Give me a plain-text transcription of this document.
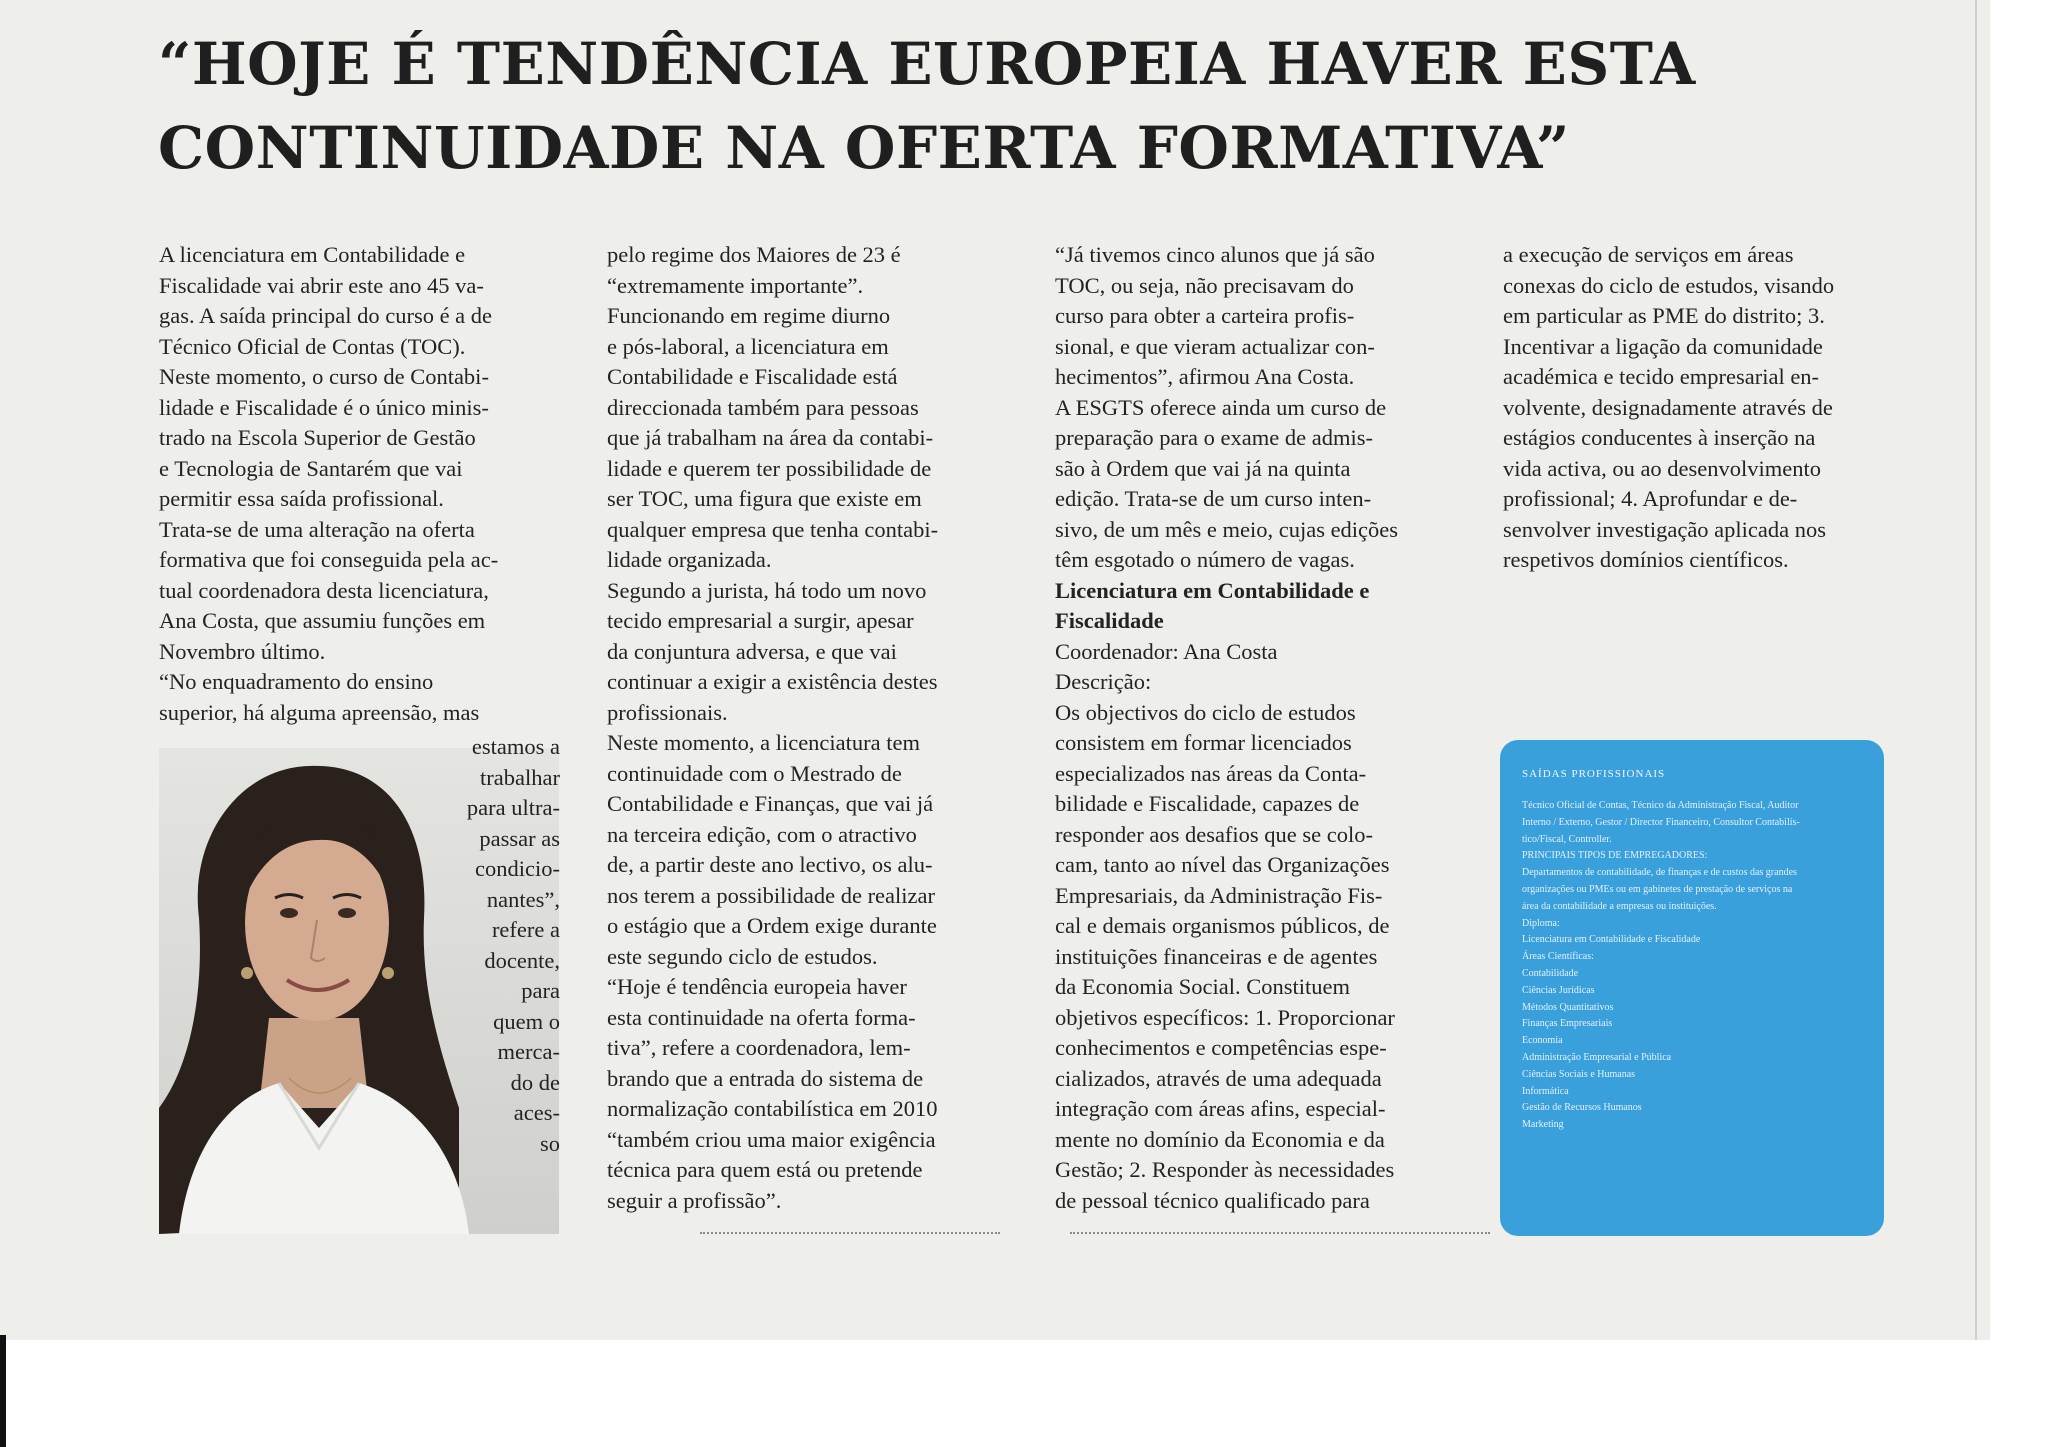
“HOJE É TENDÊNCIA EUROPEIA HAVER ESTA
CONTINUIDADE NA OFERTA FORMATIVA”
A licenciatura em Contabilidade e
Fiscalidade vai abrir este ano 45 va-
gas. A saída principal do curso é a de
Técnico Oficial de Contas (TOC).
Neste momento, o curso de Contabi-
lidade e Fiscalidade é o único minis-
trado na Escola Superior de Gestão
e Tecnologia de Santarém que vai
permitir essa saída profissional.
Trata-se de uma alteração na oferta
formativa que foi conseguida pela ac-
tual coordenadora desta licenciatura,
Ana Costa, que assumiu funções em
Novembro último.
“No enquadramento do ensino
superior, há alguma apreensão, mas
estamos a
trabalhar
para ultra-
passar as
condicio-
nantes”,
refere a
docente,
para
quem o
merca-
do de
aces-
so
pelo regime dos Maiores de 23 é
“extremamente importante”.
Funcionando em regime diurno
e pós-laboral, a licenciatura em
Contabilidade e Fiscalidade está
direccionada também para pessoas
que já trabalham na área da contabi-
lidade e querem ter possibilidade de
ser TOC, uma figura que existe em
qualquer empresa que tenha contabi-
lidade organizada.
Segundo a jurista, há todo um novo
tecido empresarial a surgir, apesar
da conjuntura adversa, e que vai
continuar a exigir a existência destes
profissionais.
Neste momento, a licenciatura tem
continuidade com o Mestrado de
Contabilidade e Finanças, que vai já
na terceira edição, com o atractivo
de, a partir deste ano lectivo, os alu-
nos terem a possibilidade de realizar
o estágio que a Ordem exige durante
este segundo ciclo de estudos.
“Hoje é tendência europeia haver
esta continuidade na oferta forma-
tiva”, refere a coordenadora, lem-
brando que a entrada do sistema de
normalização contabilística em 2010
“também criou uma maior exigência
técnica para quem está ou pretende
seguir a profissão”.
“Já tivemos cinco alunos que já são
TOC, ou seja, não precisavam do
curso para obter a carteira profis-
sional, e que vieram actualizar con-
hecimentos”, afirmou Ana Costa.
A ESGTS oferece ainda um curso de
preparação para o exame de admis-
são à Ordem que vai já na quinta
edição. Trata-se de um curso inten-
sivo, de um mês e meio, cujas edições
têm esgotado o número de vagas.
Licenciatura em Contabilidade e
Fiscalidade
Coordenador: Ana Costa
Descrição:
Os objectivos do ciclo de estudos
consistem em formar licenciados
especializados nas áreas da Conta-
bilidade e Fiscalidade, capazes de
responder aos desafios que se colo-
cam, tanto ao nível das Organizações
Empresariais, da Administração Fis-
cal e demais organismos públicos, de
instituições financeiras e de agentes
da Economia Social. Constituem
objetivos específicos: 1. Proporcionar
conhecimentos e competências espe-
cializados, através de uma adequada
integração com áreas afins, especial-
mente no domínio da Economia e da
Gestão; 2. Responder às necessidades
de pessoal técnico qualificado para
a execução de serviços em áreas
conexas do ciclo de estudos, visando
em particular as PME do distrito; 3.
Incentivar a ligação da comunidade
académica e tecido empresarial en-
volvente, designadamente através de
estágios conducentes à inserção na
vida activa, ou ao desenvolvimento
profissional; 4. Aprofundar e de-
senvolver investigação aplicada nos
respetivos domínios científicos.
SAÍDAS PROFISSIONAIS
Técnico Oficial de Contas, Técnico da Administração Fiscal, Auditor
Interno / Externo, Gestor / Director Financeiro, Consultor Contabilís-
tico/Fiscal, Controller.
PRINCIPAIS TIPOS DE EMPREGADORES:
Departamentos de contabilidade, de finanças e de custos das grandes
organizações ou PMEs ou em gabinetes de prestação de serviços na
área da contabilidade a empresas ou instituições.
Diploma:
Licenciatura em Contabilidade e Fiscalidade
Áreas Científicas:
Contabilidade
Ciências Jurídicas
Métodos Quantitativos
Finanças Empresariais
Economia
Administração Empresarial e Pública
Ciências Sociais e Humanas
Informática
Gestão de Recursos Humanos
Marketing
